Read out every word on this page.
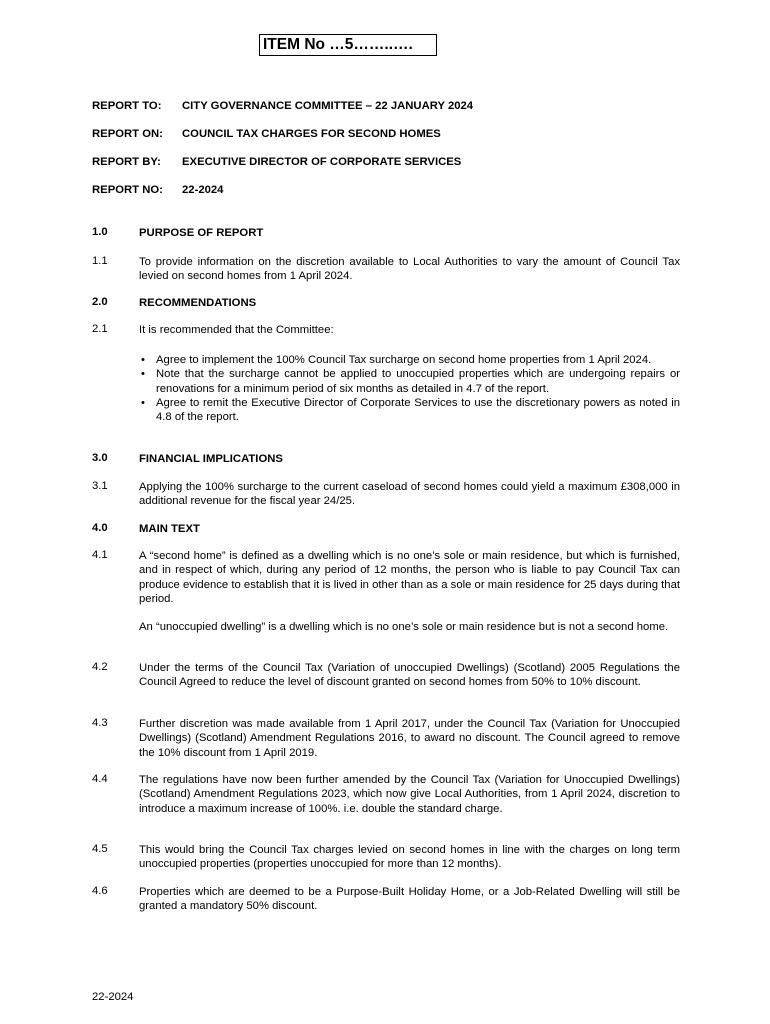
ITEM No …5……..….
REPORT TO: CITY GOVERNANCE COMMITTEE – 22 JANUARY 2024
REPORT ON: COUNCIL TAX CHARGES FOR SECOND HOMES
REPORT BY: EXECUTIVE DIRECTOR OF CORPORATE SERVICES
REPORT NO: 22-2024
1.0	PURPOSE OF REPORT
1.1	To provide information on the discretion available to Local Authorities to vary the amount of Council Tax levied on second homes from 1 April 2024.
2.0	RECOMMENDATIONS
2.1	It is recommended that the Committee:
• Agree to implement the 100% Council Tax surcharge on second home properties from 1 April 2024.
• Note that the surcharge cannot be applied to unoccupied properties which are undergoing repairs or renovations for a minimum period of six months as detailed in 4.7 of the report.
• Agree to remit the Executive Director of Corporate Services to use the discretionary powers as noted in 4.8 of the report.
3.0	FINANCIAL IMPLICATIONS
3.1	Applying the 100% surcharge to the current caseload of second homes could yield a maximum £308,000 in additional revenue for the fiscal year 24/25.
4.0	MAIN TEXT
4.1	A “second home” is defined as a dwelling which is no one’s sole or main residence, but which is furnished, and in respect of which, during any period of 12 months, the person who is liable to pay Council Tax can produce evidence to establish that it is lived in other than as a sole or main residence for 25 days during that period.
An “unoccupied dwelling” is a dwelling which is no one’s sole or main residence but is not a second home.
4.2	Under the terms of the Council Tax (Variation of unoccupied Dwellings) (Scotland) 2005 Regulations the Council Agreed to reduce the level of discount granted on second homes from 50% to 10% discount.
4.3	Further discretion was made available from 1 April 2017, under the Council Tax (Variation for Unoccupied Dwellings) (Scotland) Amendment Regulations 2016, to award no discount. The Council agreed to remove the 10% discount from 1 April 2019.
4.4	The regulations have now been further amended by the Council Tax (Variation for Unoccupied Dwellings) (Scotland) Amendment Regulations 2023, which now give Local Authorities, from 1 April 2024, discretion to introduce a maximum increase of 100%. i.e. double the standard charge.
4.5	This would bring the Council Tax charges levied on second homes in line with the charges on long term unoccupied properties (properties unoccupied for more than 12 months).
4.6	Properties which are deemed to be a Purpose-Built Holiday Home, or a Job-Related Dwelling will still be granted a mandatory 50% discount.
22-2024
